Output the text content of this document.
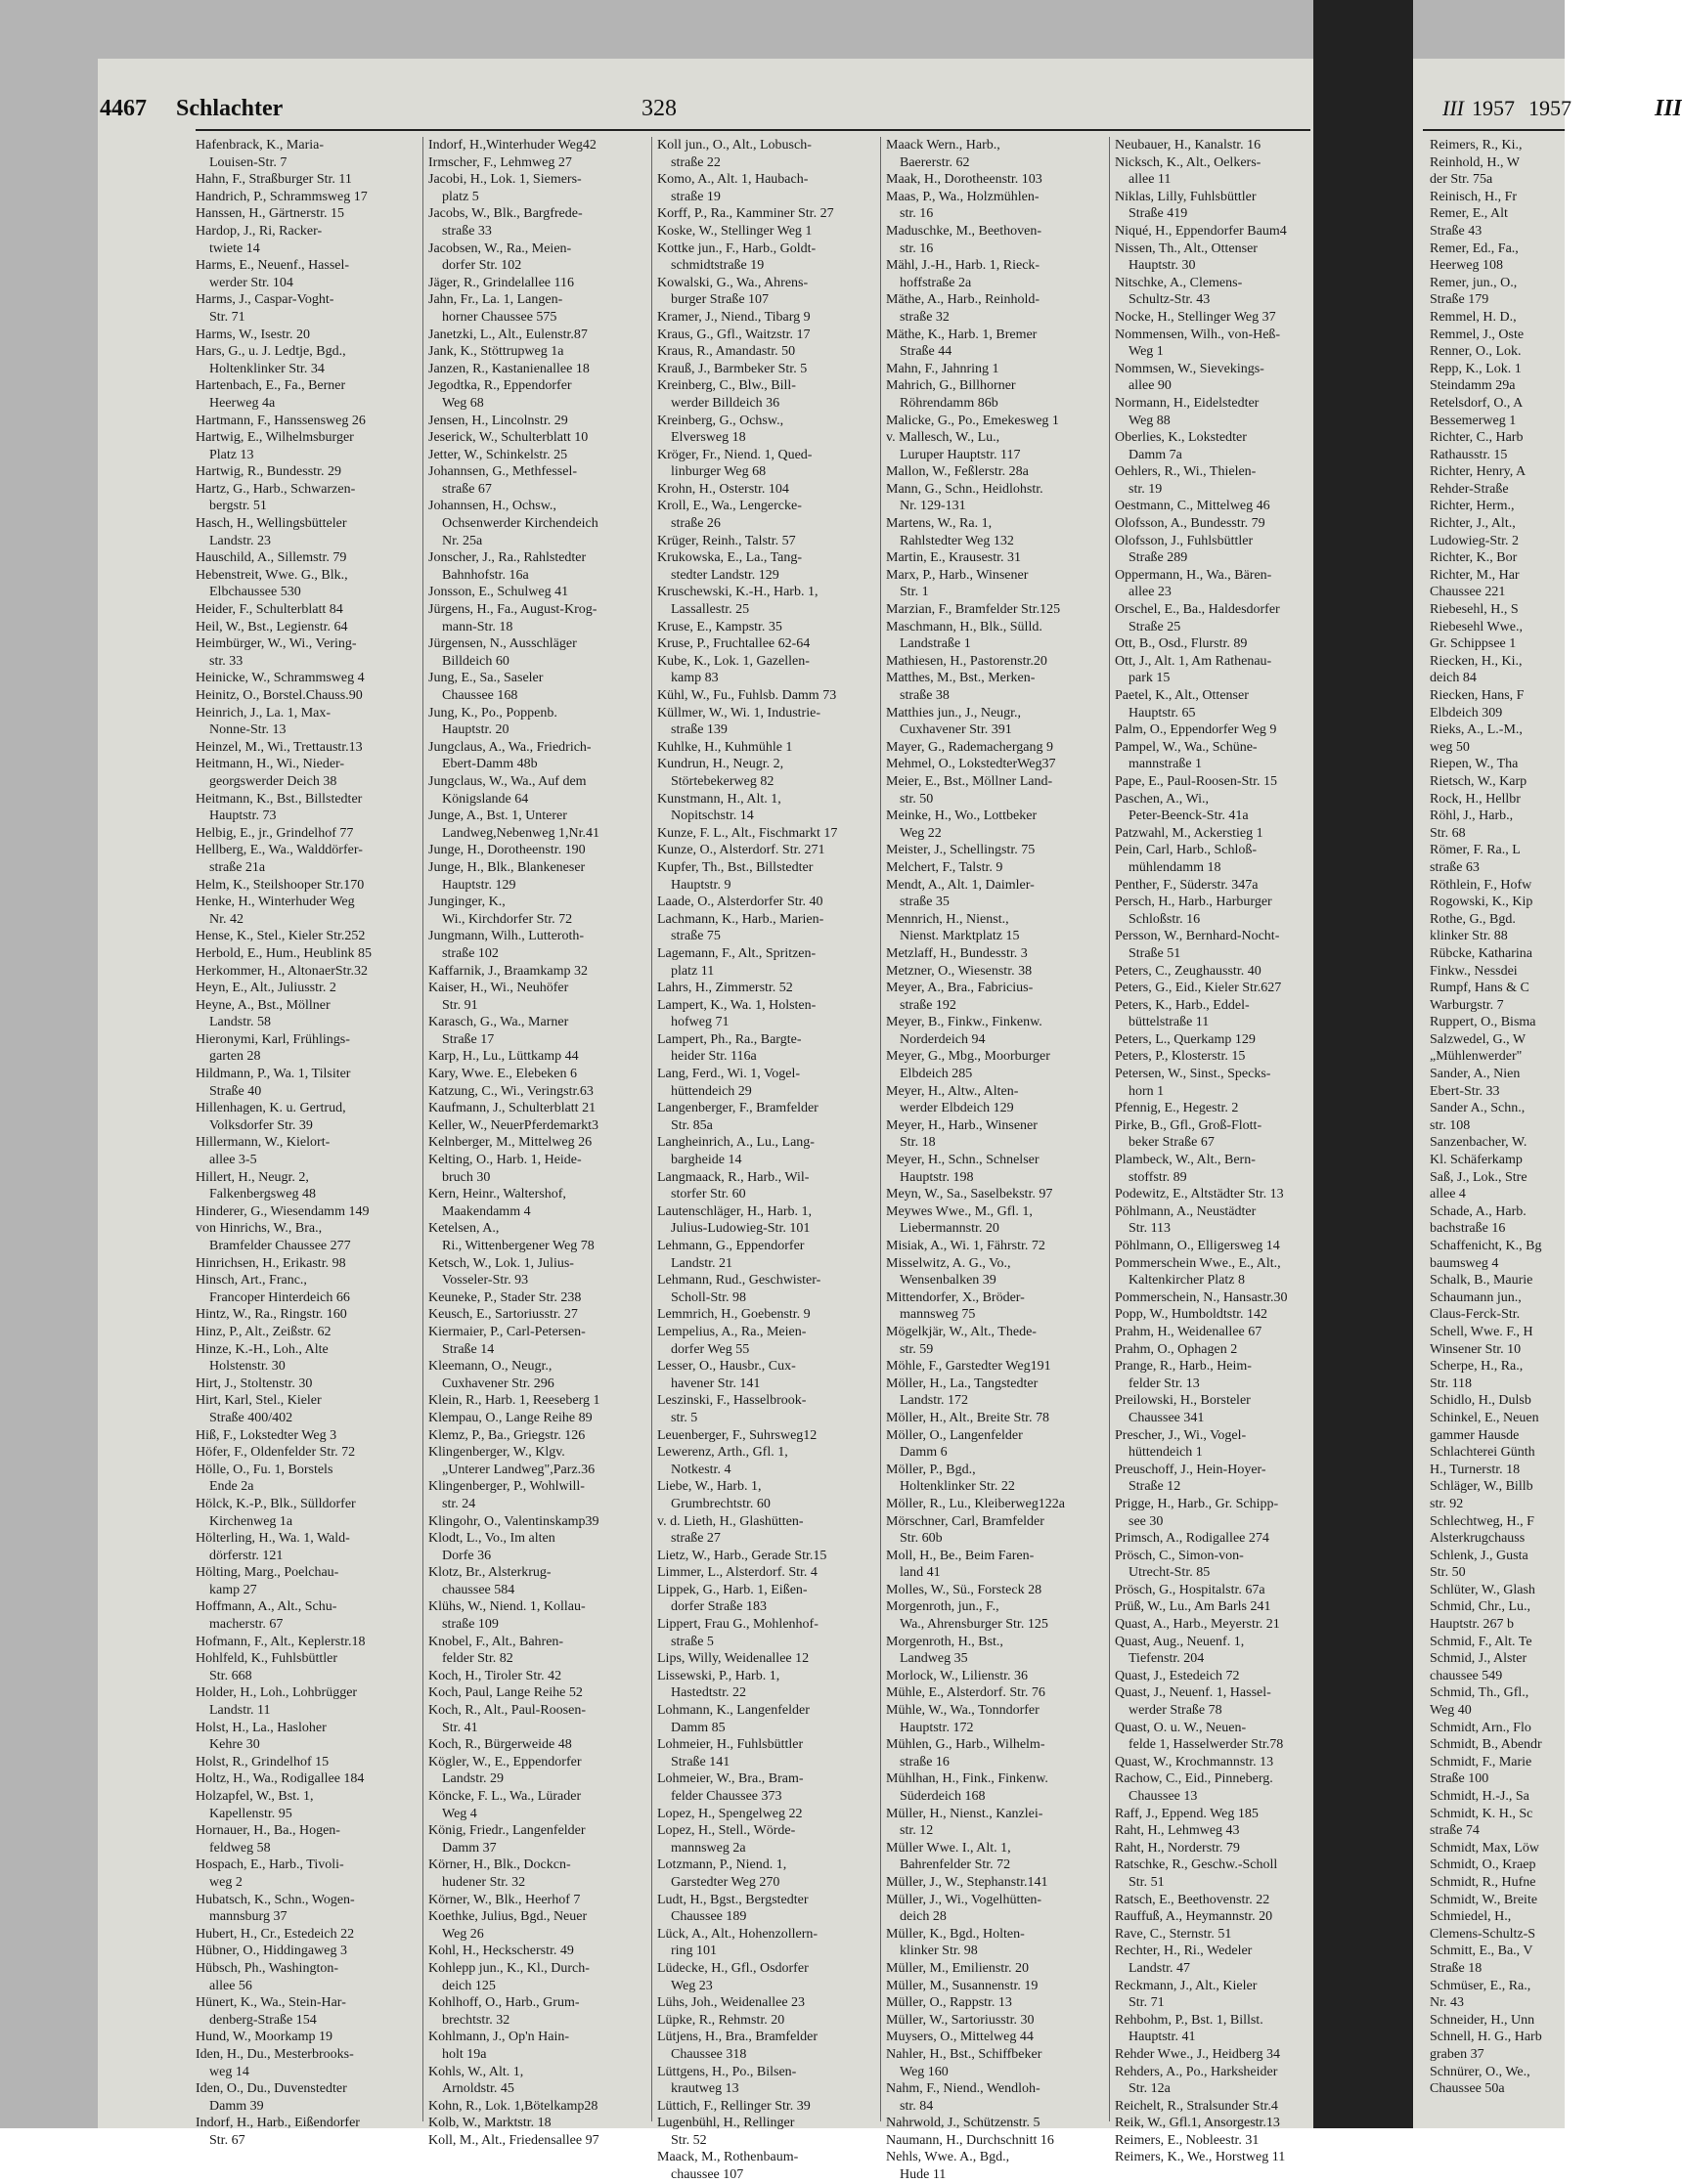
4467 Schlachter	328	1957	III
III 1957
Hafenbrack, K., Maria-
Louisen-Str. 7
Hahn, F., Straßburger Str. 11
Handrich, P., Schrammsweg 17
Hanssen, H., Gärtnerstr. 15
Hardop, J., Ri, Racker-
twiete 14
Harms, E., Neuenf., Hassel-
werder Str. 104
Harms, J., Caspar-Voght-
Str. 71
Harms, W., Isestr. 20
Hars, G., u. J. Ledtje, Bgd.,
Holtenklinker Str. 34
Hartenbach, E., Fa., Berner
Heerweg 4a
Hartmann, F., Hanssensweg 26
Hartwig, E., Wilhelmsburger
Platz 13
Hartwig, R., Bundesstr. 29
Hartz, G., Harb., Schwarzen-
bergstr. 51
Hasch, H., Wellingsbütteler
Landstr. 23
Hauschild, A., Sillemstr. 79
Hebenstreit, Wwe. G., Blk.,
Elbchaussee 530
Heider, F., Schulterblatt 84
Heil, W., Bst., Legienstr. 64
Heimbürger, W., Wi., Vering-
str. 33
Heinicke, W., Schrammsweg 4
Heinitz, O., Borstel.Chauss.90
Heinrich, J., La. 1, Max-
Nonne-Str. 13
Heinzel, M., Wi., Trettaustr.13
Heitmann, H., Wi., Nieder-
georgswerder Deich 38
Heitmann, K., Bst., Billstedter
Hauptstr. 73
Helbig, E., jr., Grindelhof 77
Hellberg, E., Wa., Walddörfer-
straße 21a
Helm, K., Steilshooper Str.170
Henke, H., Winterhuder Weg
Nr. 42
Hense, K., Stel., Kieler Str.252
Herbold, E., Hum., Heublink 85
Herkommer, H., AltonaerStr.32
Heyn, E., Alt., Juliusstr. 2
Heyne, A., Bst., Möllner
Landstr. 58
Hieronymi, Karl, Frühlings-
garten 28
Hildmann, P., Wa. 1, Tilsiter
Straße 40
Hillenhagen, K. u. Gertrud,
Volksdorfer Str. 39
Hillermann, W., Kielort-
allee 3-5
Hillert, H., Neugr. 2,
Falkenbergsweg 48
Hinderer, G., Wiesendamm 149
von Hinrichs, W., Bra.,
Bramfelder Chaussee 277
Hinrichsen, H., Erikastr. 98
Hinsch, Art., Franc.,
Francoper Hinterdeich 66
Hintz, W., Ra., Ringstr. 160
Hinz, P., Alt., Zeißstr. 62
Hinze, K.-H., Loh., Alte
Holstenstr. 30
Hirt, J., Stoltenstr. 30
Hirt, Karl, Stel., Kieler
Straße 400/402
Hiß, F., Lokstedter Weg 3
Höfer, F., Oldenfelder Str. 72
Hölle, O., Fu. 1, Borstels
Ende 2a
Hölck, K.-P., Blk., Sülldorfer
Kirchenweg 1a
Hölterling, H., Wa. 1, Wald-
dörferstr. 121
Hölting, Marg., Poelchau-
kamp 27
Hoffmann, A., Alt., Schu-
macherstr. 67
Hofmann, F., Alt., Keplerstr.18
Hohlfeld, K., Fuhlsbüttler
Str. 668
Holder, H., Loh., Lohbrügger
Landstr. 11
Holst, H., La., Hasloher
Kehre 30
Holst, R., Grindelhof 15
Holtz, H., Wa., Rodigallee 184
Holzapfel, W., Bst. 1,
Kapellenstr. 95
Hornauer, H., Ba., Hogen-
feldweg 58
Hospach, E., Harb., Tivoli-
weg 2
Hubatsch, K., Schn., Wogen-
mannsburg 37
Hubert, H., Cr., Estedeich 22
Hübner, O., Hiddingaweg 3
Hübsch, Ph., Washington-
allee 56
Hünert, K., Wa., Stein-Har-
denberg-Straße 154
Hund, W., Moorkamp 19
Iden, H., Du., Mesterbrooks-
weg 14
Iden, O., Du., Duvenstedter
Damm 39
Indorf, H., Harb., Eißendorfer
Str. 67
Indorf, H.,Winterhuder Weg42
Irmscher, F., Lehmweg 27
Jacobi, H., Lok. 1, Siemers-
platz 5
Jacobs, W., Blk., Bargfrede-
straße 33
Jacobsen, W., Ra., Meien-
dorfer Str. 102
Jäger, R., Grindelallee 116
Jahn, Fr., La. 1, Langen-
horner Chaussee 575
Janetzki, L., Alt., Eulenstr.87
Jank, K., Stöttrupweg 1a
Janzen, R., Kastanienallee 18
Jegodtka, R., Eppendorfer
Weg 68
Jensen, H., Lincolnstr. 29
Jeserick, W., Schulterblatt 10
Jetter, W., Schinkelstr. 25
Johannsen, G., Methfessel-
straße 67
Johannsen, H., Ochsw.,
Ochsenwerder Kirchendeich
Nr. 25a
Jonscher, J., Ra., Rahlstedter
Bahnhofstr. 16a
Jonsson, E., Schulweg 41
Jürgens, H., Fa., August-Krog-
mann-Str. 18
Jürgensen, N., Ausschläger
Billdeich 60
Jung, E., Sa., Saseler
Chaussee 168
Jung, K., Po., Poppenb.
Hauptstr. 20
Jungclaus, A., Wa., Friedrich-
Ebert-Damm 48b
Jungclaus, W., Wa., Auf dem
Königslande 64
Junge, A., Bst. 1, Unterer
Landweg,Nebenweg 1,Nr.41
Junge, H., Dorotheenstr. 190
Junge, H., Blk., Blankeneser
Hauptstr. 129
Junginger, K.,
Wi., Kirchdorfer Str. 72
Jungmann, Wilh., Lutteroth-
straße 102
Kaffarnik, J., Braamkamp 32
Kaiser, H., Wi., Neuhöfer
Str. 91
Karasch, G., Wa., Marner
Straße 17
Karp, H., Lu., Lüttkamp 44
Kary, Wwe. E., Elebeken 6
Katzung, C., Wi., Veringstr.63
Kaufmann, J., Schulterblatt 21
Keller, W., NeuerPferdemarkt3
Kelnberger, M., Mittelweg 26
Kelting, O., Harb. 1, Heide-
bruch 30
Kern, Heinr., Waltershof,
Maakendamm 4
Ketelsen, A.,
Ri., Wittenbergener Weg 78
Ketsch, W., Lok. 1, Julius-
Vosseler-Str. 93
Keuneke, P., Stader Str. 238
Keusch, E., Sartoriusstr. 27
Kiermaier, P., Carl-Petersen-
Straße 14
Kleemann, O., Neugr.,
Cuxhavener Str. 296
Klein, R., Harb. 1, Reeseberg 1
Klempau, O., Lange Reihe 89
Klemz, P., Ba., Griegstr. 126
Klingenberger, W., Klgv.
„Unterer Landweg",Parz.36
Klingenberger, P., Wohlwill-
str. 24
Klingohr, O., Valentinskamp39
Klodt, L., Vo., Im alten
Dorfe 36
Klotz, Br., Alsterkrug-
chaussee 584
Klühs, W., Niend. 1, Kollau-
straße 109
Knobel, F., Alt., Bahren-
felder Str. 82
Koch, H., Tiroler Str. 42
Koch, Paul, Lange Reihe 52
Koch, R., Alt., Paul-Roosen-
Str. 41
Koch, R., Bürgerweide 48
Kögler, W., E., Eppendorfer
Landstr. 29
Köncke, F. L., Wa., Lürader
Weg 4
König, Friedr., Langenfelder
Damm 37
Körner, H., Blk., Dockcn-
hudener Str. 32
Körner, W., Blk., Heerhof 7
Koethke, Julius, Bgd., Neuer
Weg 26
Kohl, H., Heckscherstr. 49
Kohlepp jun., K., Kl., Durch-
deich 125
Kohlhoff, O., Harb., Grum-
brechtstr. 32
Kohlmann, J., Op'n Hain-
holt 19a
Kohls, W., Alt. 1,
Arnoldstr. 45
Kohn, R., Lok. 1,Bötelkamp28
Kolb, W., Marktstr. 18
Koll, M., Alt., Friedensallee 97
Koll jun., O., Alt., Lobusch-
straße 22
Komo, A., Alt. 1, Haubach-
straße 19
Korff, P., Ra., Kamminer Str. 27
Koske, W., Stellinger Weg 1
Kottke jun., F., Harb., Goldt-
schmidtstraße 19
Kowalski, G., Wa., Ahrens-
burger Straße 107
Kramer, J., Niend., Tibarg 9
Kraus, G., Gfl., Waitzstr. 17
Kraus, R., Amandastr. 50
Krauß, J., Barmbeker Str. 5
Kreinberg, C., Blw., Bill-
werder Billdeich 36
Kreinberg, G., Ochsw.,
Elversweg 18
Kröger, Fr., Niend. 1, Qued-
linburger Weg 68
Krohn, H., Osterstr. 104
Kroll, E., Wa., Lengercke-
straße 26
Krüger, Reinh., Talstr. 57
Krukowska, E., La., Tang-
stedter Landstr. 129
Kruschewski, K.-H., Harb. 1,
Lassallestr. 25
Kruse, E., Kampstr. 35
Kruse, P., Fruchtallee 62-64
Kube, K., Lok. 1, Gazellen-
kamp 83
Kühl, W., Fu., Fuhlsb. Damm 73
Küllmer, W., Wi. 1, Industrie-
straße 139
Kuhlke, H., Kuhmühle 1
Kundrun, H., Neugr. 2,
Störtebekerweg 82
Kunstmann, H., Alt. 1,
Nopitschstr. 14
Kunze, F. L., Alt., Fischmarkt 17
Kunze, O., Alsterdorf. Str. 271
Kupfer, Th., Bst., Billstedter
Hauptstr. 9
Laade, O., Alsterdorfer Str. 40
Lachmann, K., Harb., Marien-
straße 75
Lagemann, F., Alt., Spritzen-
platz 11
Lahrs, H., Zimmerstr. 52
Lampert, K., Wa. 1, Holsten-
hofweg 71
Lampert, Ph., Ra., Bargte-
heider Str. 116a
Lang, Ferd., Wi. 1, Vogel-
hüttendeich 29
Langenberger, F., Bramfelder
Str. 85a
Langheinrich, A., Lu., Lang-
bargheide 14
Langmaack, R., Harb., Wil-
storfer Str. 60
Lautenschläger, H., Harb. 1,
Julius-Ludowieg-Str. 101
Lehmann, G., Eppendorfer
Landstr. 21
Lehmann, Rud., Geschwister-
Scholl-Str. 98
Lemmrich, H., Goebenstr. 9
Lempelius, A., Ra., Meien-
dorfer Weg 55
Lesser, O., Hausbr., Cux-
havener Str. 141
Leszinski, F., Hasselbrook-
str. 5
Leuenberger, F., Suhrsweg12
Lewerenz, Arth., Gfl. 1,
Notkestr. 4
Liebe, W., Harb. 1,
Grumbrechtstr. 60
v. d. Lieth, H., Glashütten-
straße 27
Lietz, W., Harb., Gerade Str.15
Limmer, L., Alsterdorf. Str. 4
Lippek, G., Harb. 1, Eißen-
dorfer Straße 183
Lippert, Frau G., Mohlenhof-
straße 5
Lips, Willy, Weidenallee 12
Lissewski, P., Harb. 1,
Hastedtstr. 22
Lohmann, K., Langenfelder
Damm 85
Lohmeier, H., Fuhlsbüttler
Straße 141
Lohmeier, W., Bra., Bram-
felder Chaussee 373
Lopez, H., Spengelweg 22
Lopez, H., Stell., Wörde-
mannsweg 2a
Lotzmann, P., Niend. 1,
Garstedter Weg 270
Ludt, H., Bgst., Bergstedter
Chaussee 189
Lück, A., Alt., Hohenzollern-
ring 101
Lüdecke, H., Gfl., Osdorfer
Weg 23
Lühs, Joh., Weidenallee 23
Lüpke, R., Rehmstr. 20
Lütjens, H., Bra., Bramfelder
Chaussee 318
Lüttgens, H., Po., Bilsen-
krautweg 13
Lüttich, F., Rellinger Str. 39
Lugenbühl, H., Rellinger
Str. 52
Maack, M., Rothenbaum-
chaussee 107
Maack Wern., Harb.,
Baererstr. 62
Maak, H., Dorotheenstr. 103
Maas, P., Wa., Holzmühlen-
str. 16
Maduschke, M., Beethoven-
str. 16
Mähl, J.-H., Harb. 1, Rieck-
hoffstraße 2a
Mäthe, A., Harb., Reinhold-
straße 32
Mäthe, K., Harb. 1, Bremer
Straße 44
Mahn, F., Jahnring 1
Mahrich, G., Billhorner
Röhrendamm 86b
Malicke, G., Po., Emekesweg 1
v. Mallesch, W., Lu.,
Luruper Hauptstr. 117
Mallon, W., Feßlerstr. 28a
Mann, G., Schn., Heidlohstr.
Nr. 129-131
Martens, W., Ra. 1,
Rahlstedter Weg 132
Martin, E., Krausestr. 31
Marx, P., Harb., Winsener
Str. 1
Marzian, F., Bramfelder Str.125
Maschmann, H., Blk., Sülld.
Landstraße 1
Mathiesen, H., Pastorenstr.20
Matthes, M., Bst., Merken-
straße 38
Matthies jun., J., Neugr.,
Cuxhavener Str. 391
Mayer, G., Rademachergang 9
Mehmel, O., LokstedterWeg37
Meier, E., Bst., Möllner Land-
str. 50
Meinke, H., Wo., Lottbeker
Weg 22
Meister, J., Schellingstr. 75
Melchert, F., Talstr. 9
Mendt, A., Alt. 1, Daimler-
straße 35
Mennrich, H., Nienst.,
Nienst. Marktplatz 15
Metzlaff, H., Bundesstr. 3
Metzner, O., Wiesenstr. 38
Meyer, A., Bra., Fabricius-
straße 192
Meyer, B., Finkw., Finkenw.
Norderdeich 94
Meyer, G., Mbg., Moorburger
Elbdeich 285
Meyer, H., Altw., Alten-
werder Elbdeich 129
Meyer, H., Harb., Winsener
Str. 18
Meyer, H., Schn., Schnelser
Hauptstr. 198
Meyn, W., Sa., Saselbekstr. 97
Meywes Wwe., M., Gfl. 1,
Liebermannstr. 20
Misiak, A., Wi. 1, Fährstr. 72
Misselwitz, A. G., Vo.,
Wensenbalken 39
Mittendorfer, X., Bröder-
mannsweg 75
Mögelkjär, W., Alt., Thede-
str. 59
Möhle, F., Garstedter Weg191
Möller, H., La., Tangstedter
Landstr. 172
Möller, H., Alt., Breite Str. 78
Möller, O., Langenfelder
Damm 6
Möller, P., Bgd.,
Holtenklinker Str. 22
Möller, R., Lu., Kleiberweg122a
Mörschner, Carl, Bramfelder
Str. 60b
Moll, H., Be., Beim Faren-
land 41
Molles, W., Sü., Forsteck 28
Morgenroth, jun., F.,
Wa., Ahrensburger Str. 125
Morgenroth, H., Bst.,
Landweg 35
Morlock, W., Lilienstr. 36
Mühle, E., Alsterdorf. Str. 76
Mühle, W., Wa., Tonndorfer
Hauptstr. 172
Mühlen, G., Harb., Wilhelm-
straße 16
Mühlhan, H., Fink., Finkenw.
Süderdeich 168
Müller, H., Nienst., Kanzlei-
str. 12
Müller Wwe. I., Alt. 1,
Bahrenfelder Str. 72
Müller, J., W., Stephanstr.141
Müller, J., Wi., Vogelhütten-
deich 28
Müller, K., Bgd., Holten-
klinker Str. 98
Müller, M., Emilienstr. 20
Müller, M., Susannenstr. 19
Müller, O., Rappstr. 13
Müller, W., Sartoriusstr. 30
Muysers, O., Mittelweg 44
Nahler, H., Bst., Schiffbeker
Weg 160
Nahm, F., Niend., Wendloh-
str. 84
Nahrwold, J., Schützenstr. 5
Naumann, H., Durchschnitt 16
Nehls, Wwe. A., Bgd.,
Hude 11
Neubauer, H., Kanalstr. 16
Nicksch, K., Alt., Oelkers-
allee 11
Niklas, Lilly, Fuhlsbüttler
Straße 419
Niqué, H., Eppendorfer Baum4
Nissen, Th., Alt., Ottenser
Hauptstr. 30
Nitschke, A., Clemens-
Schultz-Str. 43
Nocke, H., Stellinger Weg 37
Nommensen, Wilh., von-Heß-
Weg 1
Nommsen, W., Sievekings-
allee 90
Normann, H., Eidelstedter
Weg 88
Oberlies, K., Lokstedter
Damm 7a
Oehlers, R., Wi., Thielen-
str. 19
Oestmann, C., Mittelweg 46
Olofsson, A., Bundesstr. 79
Olofsson, J., Fuhlsbüttler
Straße 289
Oppermann, H., Wa., Bären-
allee 23
Orschel, E., Ba., Haldesdorfer
Straße 25
Ott, B., Osd., Flurstr. 89
Ott, J., Alt. 1, Am Rathenau-
park 15
Paetel, K., Alt., Ottenser
Hauptstr. 65
Palm, O., Eppendorfer Weg 9
Pampel, W., Wa., Schüne-
mannstraße 1
Pape, E., Paul-Roosen-Str. 15
Paschen, A., Wi.,
Peter-Beenck-Str. 41a
Patzwahl, M., Ackerstieg 1
Pein, Carl, Harb., Schloß-
mühlendamm 18
Penther, F., Süderstr. 347a
Persch, H., Harb., Harburger
Schloßstr. 16
Persson, W., Bernhard-Nocht-
Straße 51
Peters, C., Zeughausstr. 40
Peters, G., Eid., Kieler Str.627
Peters, K., Harb., Eddel-
büttelstraße 11
Peters, L., Querkamp 129
Peters, P., Klosterstr. 15
Petersen, W., Sinst., Specks-
horn 1
Pfennig, E., Hegestr. 2
Pirke, B., Gfl., Groß-Flott-
beker Straße 67
Plambeck, W., Alt., Bern-
stoffstr. 89
Podewitz, E., Altstädter Str. 13
Pöhlmann, A., Neustädter
Str. 113
Pöhlmann, O., Elligersweg 14
Pommerschein Wwe., E., Alt.,
Kaltenkircher Platz 8
Pommerschein, N., Hansastr.30
Popp, W., Humboldtstr. 142
Prahm, H., Weidenallee 67
Prahm, O., Ophagen 2
Prange, R., Harb., Heim-
felder Str. 13
Preilowski, H., Borsteler
Chaussee 341
Prescher, J., Wi., Vogel-
hüttendeich 1
Preuschoff, J., Hein-Hoyer-
Straße 12
Prigge, H., Harb., Gr. Schipp-
see 30
Primsch, A., Rodigallee 274
Prösch, C., Simon-von-
Utrecht-Str. 85
Prösch, G., Hospitalstr. 67a
Prüß, W., Lu., Am Barls 241
Quast, A., Harb., Meyerstr. 21
Quast, Aug., Neuenf. 1,
Tiefenstr. 204
Quast, J., Estedeich 72
Quast, J., Neuenf. 1, Hassel-
werder Straße 78
Quast, O. u. W., Neuen-
felde 1, Hasselwerder Str.78
Quast, W., Krochmannstr. 13
Rachow, C., Eid., Pinneberg.
Chaussee 13
Raff, J., Eppend. Weg 185
Raht, H., Lehmweg 43
Raht, H., Norderstr. 79
Ratschke, R., Geschw.-Scholl
Str. 51
Ratsch, E., Beethovenstr. 22
Rauffuß, A., Heymannstr. 20
Rave, C., Sternstr. 51
Rechter, H., Ri., Wedeler
Landstr. 47
Reckmann, J., Alt., Kieler
Str. 71
Rehbohm, P., Bst. 1, Billst.
Hauptstr. 41
Rehder Wwe., J., Heidberg 34
Rehders, A., Po., Harksheider
Str. 12a
Reichelt, R., Stralsunder Str.4
Reik, W., Gfl.1, Ansorgestr.13
Reimers, E., Nobleestr. 31
Reimers, K., We., Horstweg 11
Reimers, R., Ki.,
Reinhold, H., W
der Str. 75a
Reinisch, H., Fr
Remer, E., Alt
Straße 43
Remer, Ed., Fa.,
Heerweg 108
Remer, jun., O.,
Straße 179
Remmel, H. D.,
Remmel, J., Oste
Renner, O., Lok.
Repp, K., Lok. 1
Steindamm 29a
Retelsdorf, O., A
Bessemerweg 1
Richter, C., Harb
Rathausstr. 15
Richter, Henry, A
Rehder-Straße
Richter, Herm.,
Richter, J., Alt.,
Ludowieg-Str. 2
Richter, K., Bor
Richter, M., Har
Chaussee 221
Riebesehl, H., S
Riebesehl Wwe.,
Gr. Schippsee 1
Riecken, H., Ki.,
deich 84
Riecken, Hans, F
Elbdeich 309
Rieks, A., L.-M.,
weg 50
Riepen, W., Tha
Rietsch, W., Karp
Rock, H., Hellbr
Röhl, J., Harb.,
Str. 68
Römer, F. Ra., L
straße 63
Röthlein, F., Hofw
Rogowski, K., Kip
Rothe, G., Bgd.
klinker Str. 88
Rübcke, Katharina
Finkw., Nessdei
Rumpf, Hans & C
Warburgstr. 7
Ruppert, O., Bisma
Salzwedel, G., W
„Mühlenwerder"
Sander, A., Nien
Ebert-Str. 33
Sander A., Schn.,
str. 108
Sanzenbacher, W.
Kl. Schäferkamp
Saß, J., Lok., Stre
allee 4
Schade, A., Harb.
bachstraße 16
Schaffenicht, K., Bg
baumsweg 4
Schalk, B., Maurie
Schaumann jun.,
Claus-Ferck-Str.
Schell, Wwe. F., H
Winsener Str. 10
Scherpe, H., Ra.,
Str. 118
Schidlo, H., Dulsb
Schinkel, E., Neuen
gammer Hausde
Schlachterei Günth
H., Turnerstr. 18
Schläger, W., Billb
str. 92
Schlechtweg, H., F
Alsterkrugchauss
Schlenk, J., Gusta
Str. 50
Schlüter, W., Glash
Schmid, Chr., Lu.,
Hauptstr. 267 b
Schmid, F., Alt. Te
Schmid, J., Alster
chaussee 549
Schmid, Th., Gfl.,
Weg 40
Schmidt, Arn., Flo
Schmidt, B., Abendr
Schmidt, F., Marie
Straße 100
Schmidt, H.-J., Sa
Schmidt, K. H., Sc
straße 74
Schmidt, Max, Löw
Schmidt, O., Kraep
Schmidt, R., Hufne
Schmidt, W., Breite
Schmiedel, H.,
Clemens-Schultz-S
Schmitt, E., Ba., V
Straße 18
Schmüser, E., Ra.,
Nr. 43
Schneider, H., Unn
Schnell, H. G., Harb
graben 37
Schnürer, O., We.,
Chaussee 50a
